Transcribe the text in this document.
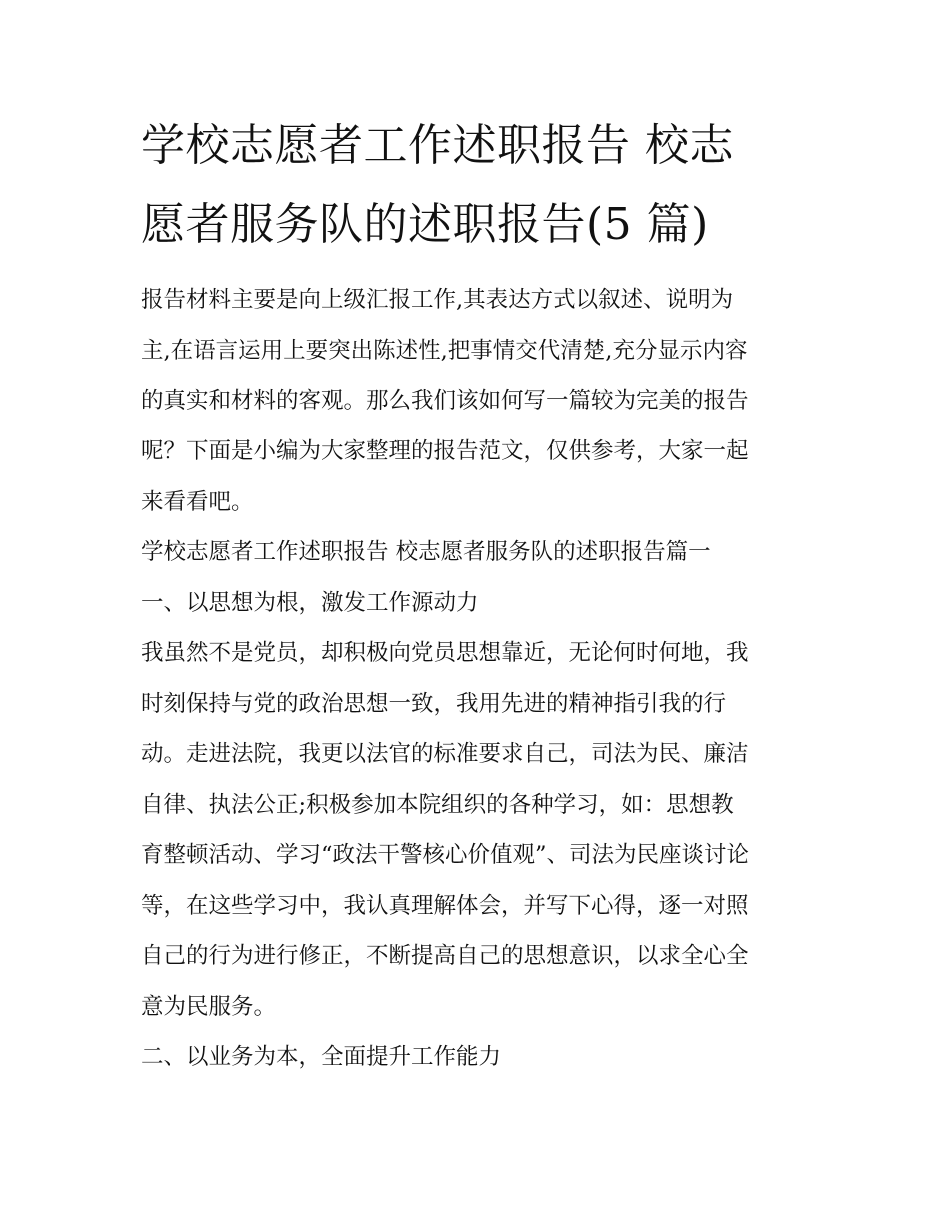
学校志愿者工作述职报告 校志
愿者服务队的述职报告(5 篇)
报告材料主要是向上级汇报工作,其表达方式以叙述、说明为
主,在语言运用上要突出陈述性,把事情交代清楚,充分显示内容
的真实和材料的客观。那么我们该如何写一篇较为完美的报告
呢？下面是小编为大家整理的报告范文，仅供参考，大家一起
来看看吧。
学校志愿者工作述职报告 校志愿者服务队的述职报告篇一
一、以思想为根，激发工作源动力
我虽然不是党员，却积极向党员思想靠近，无论何时何地，我
时刻保持与党的政治思想一致，我用先进的精神指引我的行
动。走进法院，我更以法官的标准要求自己，司法为民、廉洁
自律、执法公正;积极参加本院组织的各种学习，如：思想教
育整顿活动、学习“政法干警核心价值观”、司法为民座谈讨论
等，在这些学习中，我认真理解体会，并写下心得，逐一对照
自己的行为进行修正，不断提高自己的思想意识，以求全心全
意为民服务。
二、以业务为本，全面提升工作能力
